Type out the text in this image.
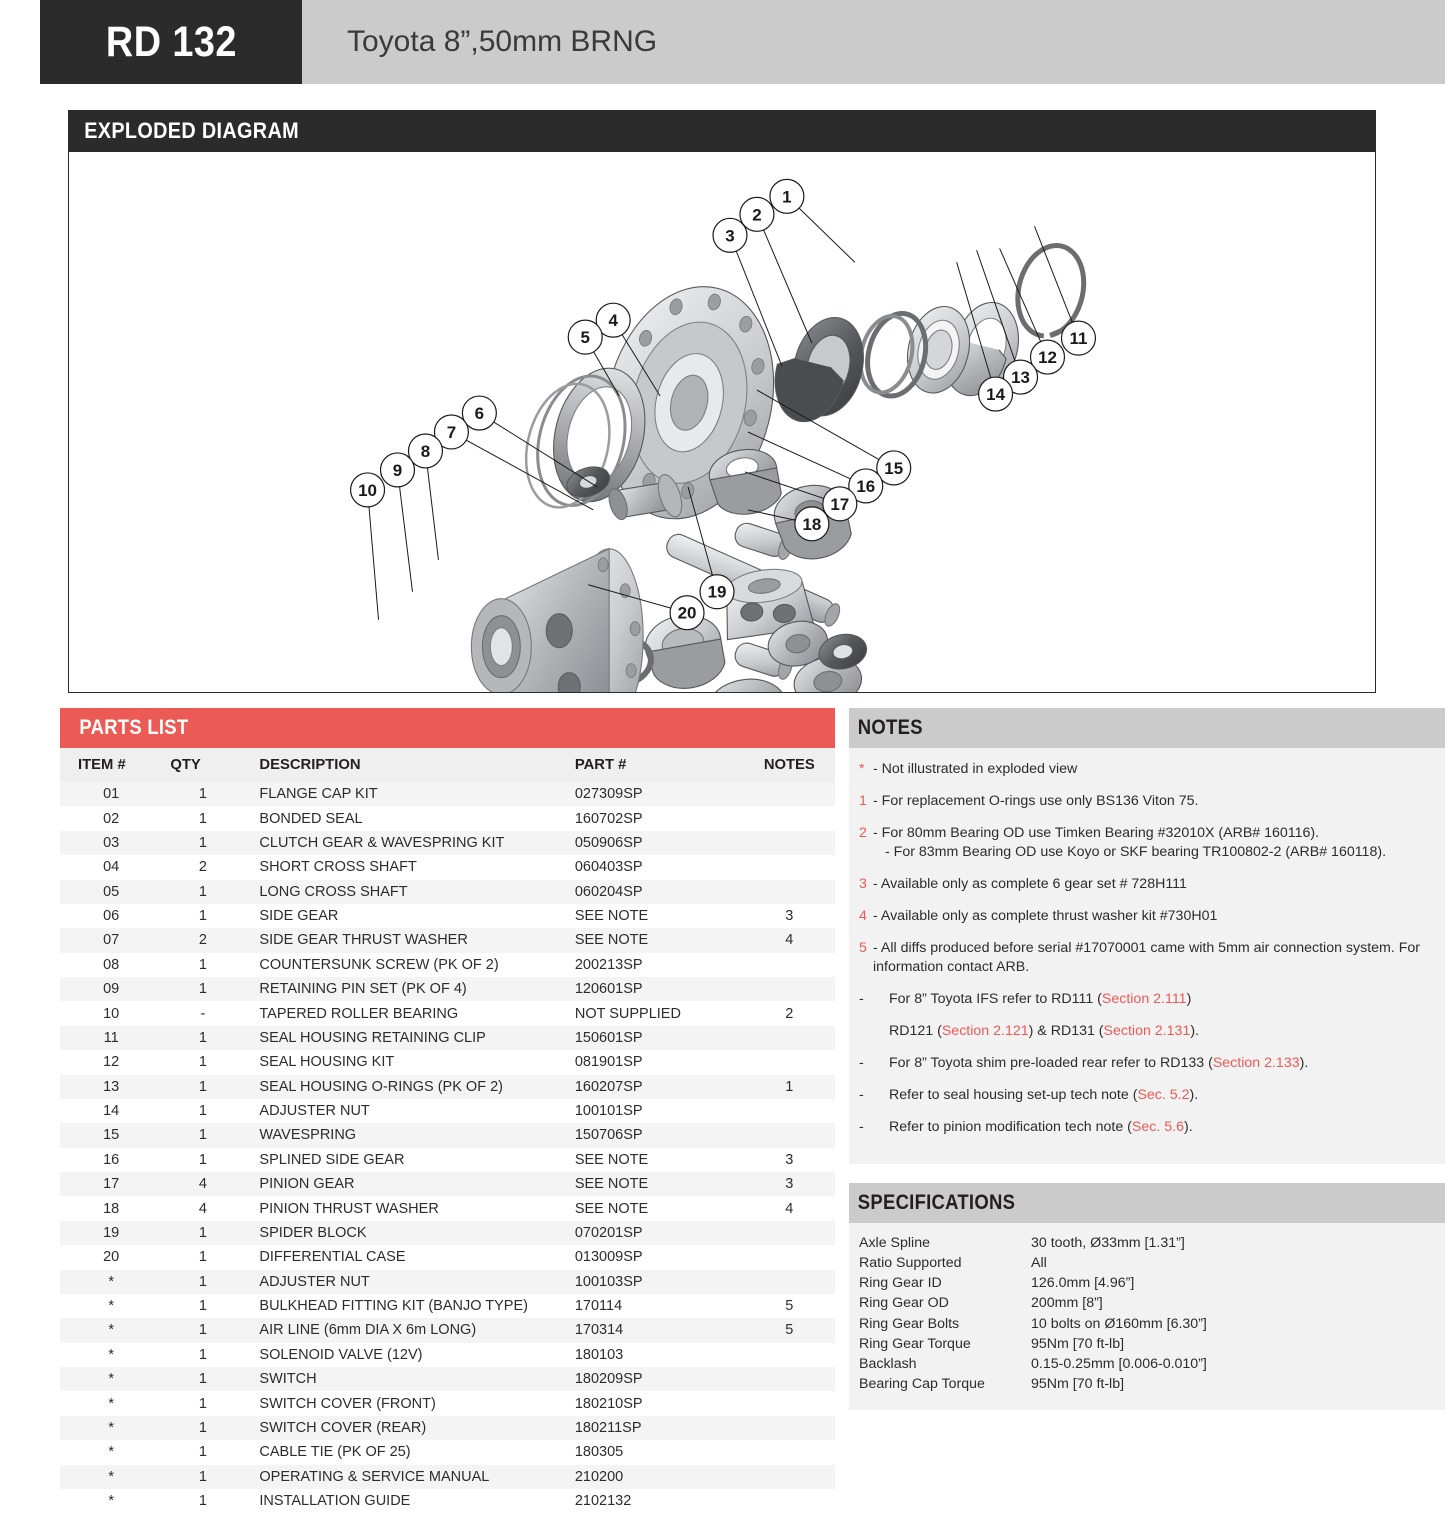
RD 132	Toyota 8”,50mm BRNG
EXPLODED DIAGRAM
1
2
3
4
5
6
7
8
9
10
11
12
13
14
15
16
17
18
19
20
PARTS LIST
ITEM #	QTY	DESCRIPTION	PART #	NOTES
01	1	FLANGE CAP KIT	027309SP	
02	1	BONDED SEAL	160702SP	
03	1	CLUTCH GEAR & WAVESPRING KIT	050906SP	
04	2	SHORT CROSS SHAFT	060403SP	
05	1	LONG CROSS SHAFT	060204SP	
06	1	SIDE GEAR	SEE NOTE	3
07	2	SIDE GEAR THRUST WASHER	SEE NOTE	4
08	1	COUNTERSUNK SCREW (PK OF 2)	200213SP	
09	1	RETAINING PIN SET (PK OF 4)	120601SP	
10	-	TAPERED ROLLER BEARING	NOT SUPPLIED	2
11	1	SEAL HOUSING RETAINING CLIP	150601SP	
12	1	SEAL HOUSING KIT	081901SP	
13	1	SEAL HOUSING O-RINGS (PK OF 2)	160207SP	1
14	1	ADJUSTER NUT	100101SP	
15	1	WAVESPRING	150706SP	
16	1	SPLINED SIDE GEAR	SEE NOTE	3
17	4	PINION GEAR	SEE NOTE	3
18	4	PINION THRUST WASHER	SEE NOTE	4
19	1	SPIDER BLOCK	070201SP	
20	1	DIFFERENTIAL CASE	013009SP	
*	1	ADJUSTER NUT	100103SP	
*	1	BULKHEAD FITTING KIT (BANJO TYPE)	170114	5
*	1	AIR LINE (6mm DIA X 6m LONG)	170314	5
*	1	SOLENOID VALVE (12V)	180103	
*	1	SWITCH	180209SP	
*	1	SWITCH COVER (FRONT)	180210SP	
*	1	SWITCH COVER (REAR)	180211SP	
*	1	CABLE TIE (PK OF 25)	180305	
*	1	OPERATING & SERVICE MANUAL	210200	
*	1	INSTALLATION GUIDE	2102132	
NOTES
* - Not illustrated in exploded view
1 - For replacement O-rings use only BS136 Viton 75.
2 - For 80mm Bearing OD use Timken Bearing #32010X (ARB# 160116).
- For 83mm Bearing OD use Koyo or SKF bearing TR100802-2 (ARB# 160118).
3 - Available only as complete 6 gear set # 728H111
4 - Available only as complete thrust washer kit #730H01
5 - All diffs produced before serial #17070001 came with 5mm air connection system. For information contact ARB.
-	For 8” Toyota IFS refer to RD111 (Section 2.111)
RD121 (Section 2.121) & RD131 (Section 2.131).
-	For 8” Toyota shim pre-loaded rear refer to RD133 (Section 2.133).
-	Refer to seal housing set-up tech note (Sec. 5.2).
-	Refer to pinion modification tech note (Sec. 5.6).
SPECIFICATIONS
Axle Spline	30 tooth, Ø33mm [1.31”]
Ratio Supported	All
Ring Gear ID	126.0mm [4.96”]
Ring Gear OD	200mm [8”]
Ring Gear Bolts	10 bolts on Ø160mm [6.30”]
Ring Gear Torque	95Nm [70 ft-lb]
Backlash	0.15-0.25mm [0.006-0.010”]
Bearing Cap Torque	95Nm [70 ft-lb]
